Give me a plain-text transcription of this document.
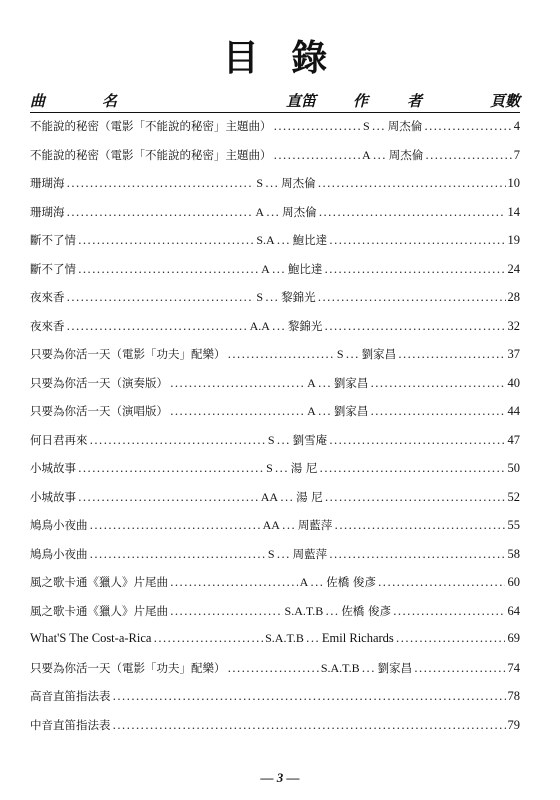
目 錄
曲	名	直笛 作	者	頁數
不能說的秘密（電影「不能說的秘密」主題曲） .....	S ..... 周杰倫 .....	4
不能說的秘密（電影「不能說的秘密」主題曲） .....	A ..... 周杰倫 .....	7
珊瑚海 .....	S ..... 周杰倫 .....	10
珊瑚海 .....	A ..... 周杰倫 .....	14
斷不了情 .....	S.A ..... 鮑比達 .....	19
斷不了情 .....	A ..... 鮑比達 .....	24
夜來香 .....	S ..... 黎錦光 .....	28
夜來香 .....	A.A ..... 黎錦光 .....	32
只要為你活一天（電影「功夫」配樂） .....	S ..... 劉家昌 .....	37
只要為你活一天（演奏版） .....	A ..... 劉家昌 .....	40
只要為你活一天（演唱版） .....	A ..... 劉家昌 .....	44
何日君再來 .....	S ..... 劉雪庵 .....	47
小城故事 .....	S ..... 湯 尼 .....	50
小城故事 .....	AA ..... 湯 尼 .....	52
鳩鳥小夜曲 .....	AA ..... 周藍萍 .....	55
鳩鳥小夜曲 .....	S ..... 周藍萍 .....	58
風之歌卡通《獵人》片尾曲 .....	A ..... 佐橋 俊彥 .....	60
風之歌卡通《獵人》片尾曲 .....	S.A.T.B ..... 佐橋 俊彥 .....	64
What'S The Cost-a-Rica .....	S.A.T.B ..... Emil Richards .....	69
只要為你活一天（電影「功夫」配樂） .....	S.A.T.B ..... 劉家昌 .....	74
高音直笛指法表 .....	78
中音直笛指法表 .....	79
— 3 —
